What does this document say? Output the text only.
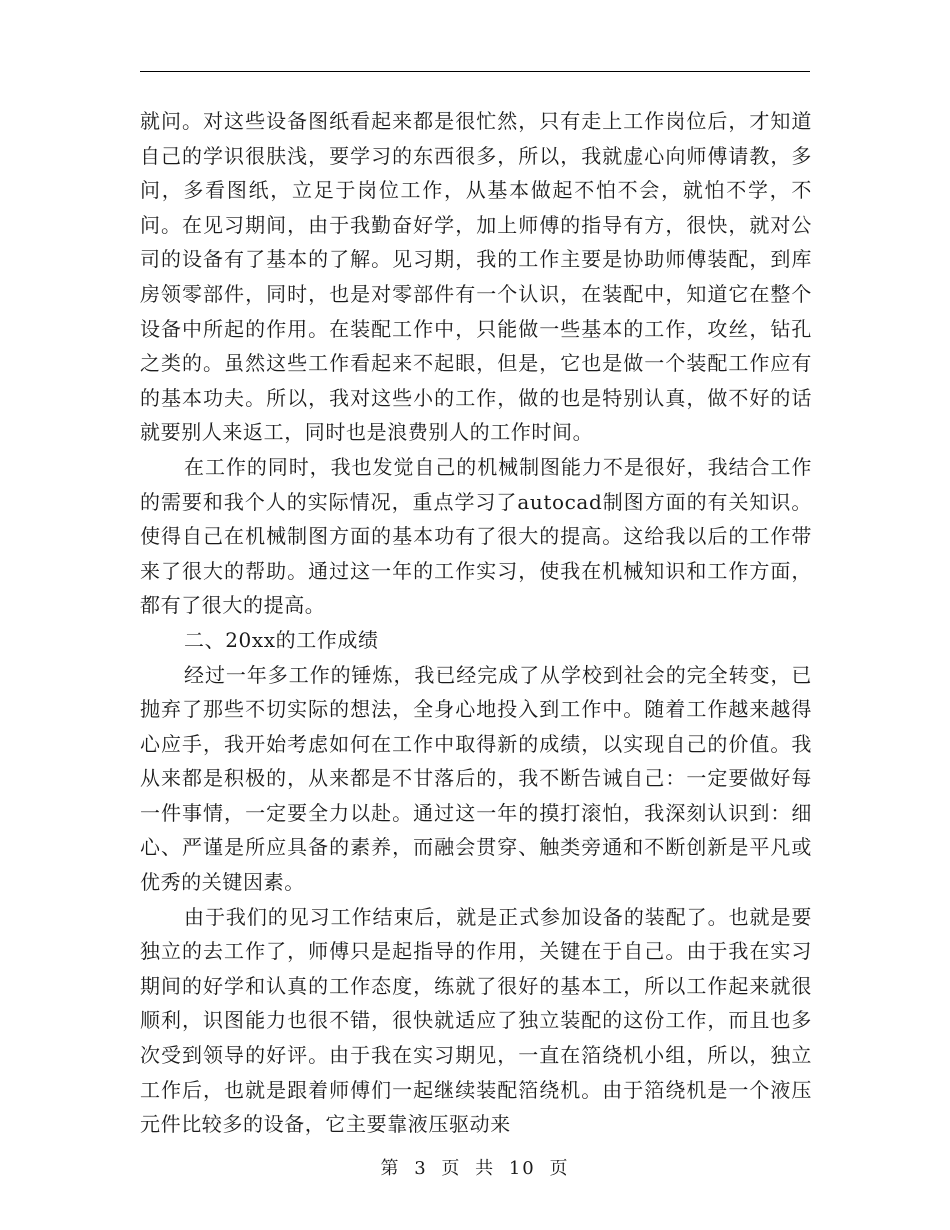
就问。对这些设备图纸看起来都是很忙然，只有走上工作岗位后，才知道自己的学识很肤浅，要学习的东西很多，所以，我就虚心向师傅请教，多问，多看图纸，立足于岗位工作，从基本做起不怕不会，就怕不学，不问。在见习期间，由于我勤奋好学，加上师傅的指导有方，很快，就对公司的设备有了基本的了解。见习期，我的工作主要是协助师傅装配，到库房领零部件，同时，也是对零部件有一个认识，在装配中，知道它在整个设备中所起的作用。在装配工作中，只能做一些基本的工作，攻丝，钻孔之类的。虽然这些工作看起来不起眼，但是，它也是做一个装配工作应有的基本功夫。所以，我对这些小的工作，做的也是特别认真，做不好的话就要别人来返工，同时也是浪费别人的工作时间。

在工作的同时，我也发觉自己的机械制图能力不是很好，我结合工作的需要和我个人的实际情况，重点学习了autocad制图方面的有关知识。使得自己在机械制图方面的基本功有了很大的提高。这给我以后的工作带来了很大的帮助。通过这一年的工作实习，使我在机械知识和工作方面，都有了很大的提高。

二、20xx的工作成绩

经过一年多工作的锤炼，我已经完成了从学校到社会的完全转变，已抛弃了那些不切实际的想法，全身心地投入到工作中。随着工作越来越得心应手，我开始考虑如何在工作中取得新的成绩，以实现自己的价值。我从来都是积极的，从来都是不甘落后的，我不断告诫自己：一定要做好每一件事情，一定要全力以赴。通过这一年的摸打滚怕，我深刻认识到：细心、严谨是所应具备的素养，而融会贯穿、触类旁通和不断创新是平凡或优秀的关键因素。

由于我们的见习工作结束后，就是正式参加设备的装配了。也就是要独立的去工作了，师傅只是起指导的作用，关键在于自己。由于我在实习期间的好学和认真的工作态度，练就了很好的基本工，所以工作起来就很顺利，识图能力也很不错，很快就适应了独立装配的这份工作，而且也多次受到领导的好评。由于我在实习期见，一直在箔绕机小组，所以，独立工作后，也就是跟着师傅们一起继续装配箔绕机。由于箔绕机是一个液压元件比较多的设备，它主要靠液压驱动来

第 3 页 共 10 页
